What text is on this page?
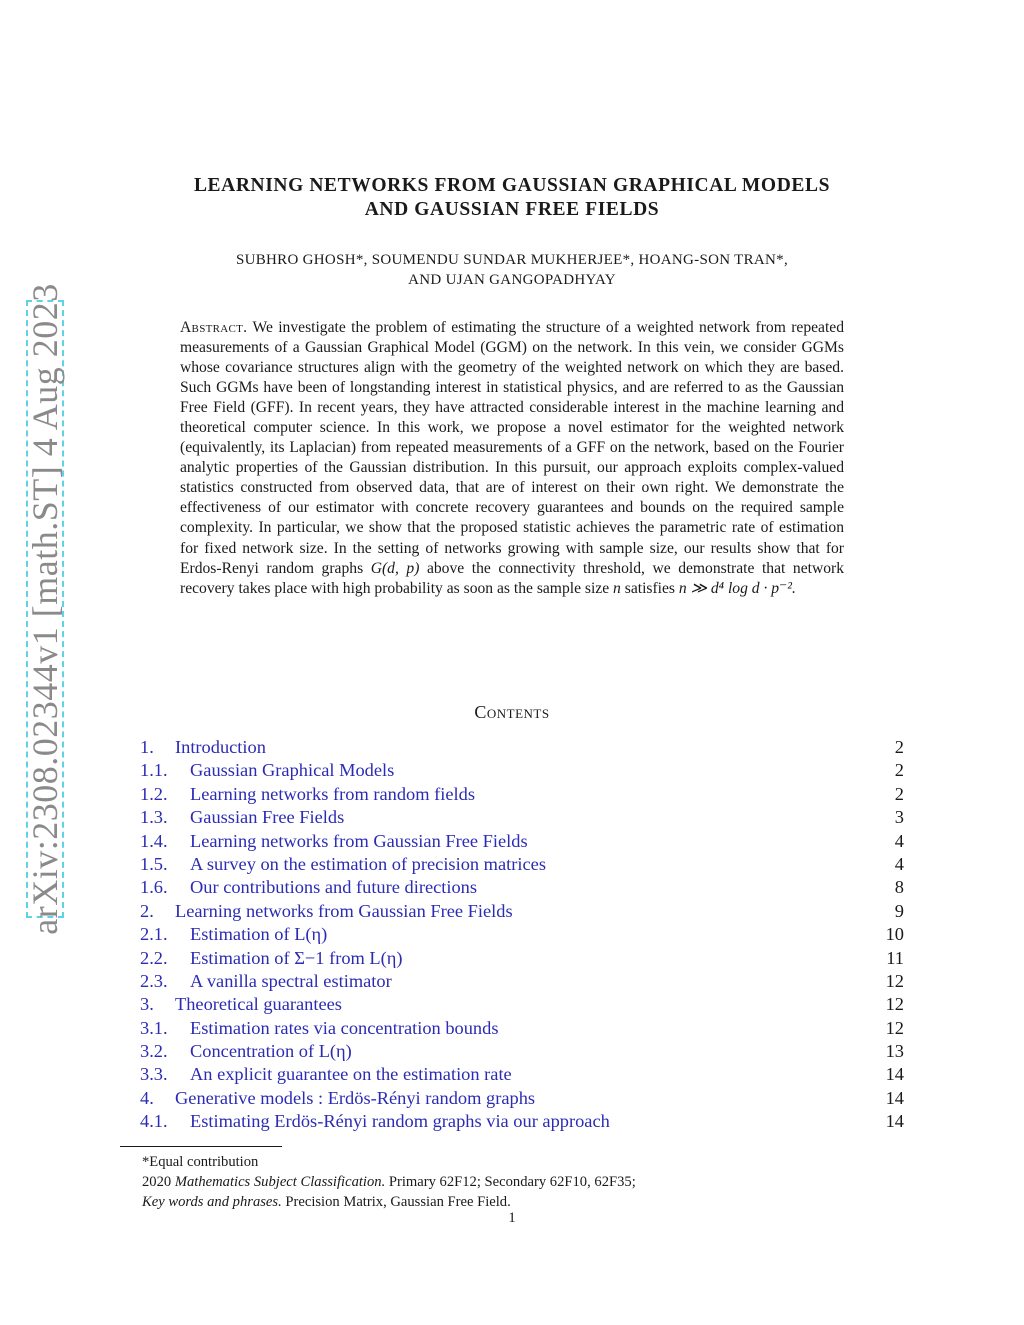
arXiv:2308.02344v1 [math.ST] 4 Aug 2023
LEARNING NETWORKS FROM GAUSSIAN GRAPHICAL MODELS
AND GAUSSIAN FREE FIELDS
SUBHRO GHOSH*, SOUMENDU SUNDAR MUKHERJEE*, HOANG-SON TRAN*,
AND UJAN GANGOPADHYAY
Abstract. We investigate the problem of estimating the structure of a weighted network from repeated measurements of a Gaussian Graphical Model (GGM) on the network. In this vein, we consider GGMs whose covariance structures align with the geometry of the weighted network on which they are based. Such GGMs have been of longstanding interest in statistical physics, and are referred to as the Gaussian Free Field (GFF). In recent years, they have attracted considerable interest in the machine learning and theoretical computer science. In this work, we propose a novel estimator for the weighted network (equivalently, its Laplacian) from repeated measurements of a GFF on the network, based on the Fourier analytic properties of the Gaussian distribution. In this pursuit, our approach exploits complex-valued statistics constructed from observed data, that are of interest on their own right. We demonstrate the effectiveness of our estimator with concrete recovery guarantees and bounds on the required sample complexity. In particular, we show that the proposed statistic achieves the parametric rate of estimation for fixed network size. In the setting of networks growing with sample size, our results show that for Erdos-Renyi random graphs G(d, p) above the connectivity threshold, we demonstrate that network recovery takes place with high probability as soon as the sample size n satisfies n ≫ d⁴ log d · p⁻².
Contents
1. Introduction	2
1.1. Gaussian Graphical Models	2
1.2. Learning networks from random fields	2
1.3. Gaussian Free Fields	3
1.4. Learning networks from Gaussian Free Fields	4
1.5. A survey on the estimation of precision matrices	4
1.6. Our contributions and future directions	8
2. Learning networks from Gaussian Free Fields	9
2.1. Estimation of L(η)	10
2.2. Estimation of Σ−1 from L(η)	11
2.3. A vanilla spectral estimator	12
3. Theoretical guarantees	12
3.1. Estimation rates via concentration bounds	12
3.2. Concentration of L(η)	13
3.3. An explicit guarantee on the estimation rate	14
4. Generative models : Erdös-Rényi random graphs	14
4.1. Estimating Erdös-Rényi random graphs via our approach	14
*Equal contribution
2020 Mathematics Subject Classification. Primary 62F12; Secondary 62F10, 62F35;
Key words and phrases. Precision Matrix, Gaussian Free Field.
1
